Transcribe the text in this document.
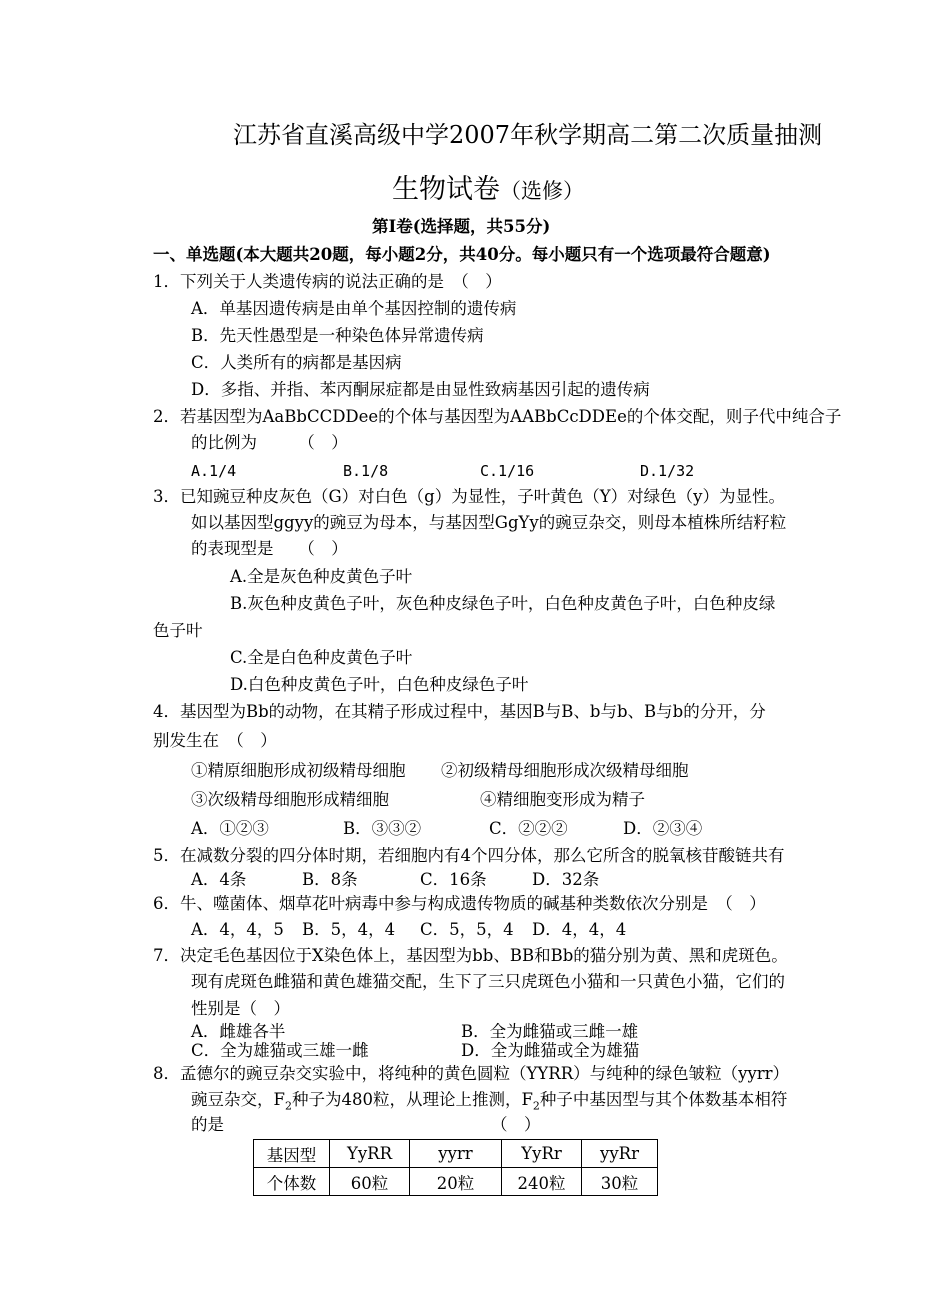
江苏省直溪高级中学2007年秋学期高二第二次质量抽测
生物试卷（选修）
第Ⅰ卷(选择题，共55分)
一、单选题(本大题共20题，每小题2分，共40分。每小题只有一个选项最符合题意)
1．下列关于人类遗传病的说法正确的是　（　）
A．单基因遗传病是由单个基因控制的遗传病
B．先天性愚型是一种染色体异常遗传病
C．人类所有的病都是基因病
D．多指、并指、苯丙酮尿症都是由显性致病基因引起的遗传病
2．若基因型为AaBbCCDDee的个体与基因型为AABbCcDDEe的个体交配，则子代中纯合子
的比例为　　　（　）
A.1/4	B.1/8	C.1/16	D.1/32
3．已知豌豆种皮灰色（G）对白色（g）为显性，子叶黄色（Y）对绿色（y）为显性。
如以基因型ggyy的豌豆为母本，与基因型GgYy的豌豆杂交，则母本植株所结籽粒
的表现型是　　（　）
A.全是灰色种皮黄色子叶
B.灰色种皮黄色子叶，灰色种皮绿色子叶，白色种皮黄色子叶，白色种皮绿
色子叶
C.全是白色种皮黄色子叶
D.白色种皮黄色子叶，白色种皮绿色子叶
4．基因型为Bb的动物，在其精子形成过程中，基因B与B、b与b、B与b的分开，分
别发生在　（　）
①精原细胞形成初级精母细胞 ②初级精母细胞形成次级精母细胞
③次级精母细胞形成精细胞	④精细胞变形成为精子
A．①②③	B．③③②	C．②②②	D．②③④
5．在减数分裂的四分体时期，若细胞内有4个四分体，那么它所含的脱氧核苷酸链共有
A．4条	B．8条	C．16条	D．32条
6．牛、噬菌体、烟草花叶病毒中参与构成遗传物质的碱基种类数依次分别是　（　）
A．4，4，5 B．5，4，4 C．5，5，4 D．4，4，4
7．决定毛色基因位于X染色体上，基因型为bb、BB和Bb的猫分别为黄、黑和虎斑色。
现有虎斑色雌猫和黄色雄猫交配，生下了三只虎斑色小猫和一只黄色小猫，它们的
性别是（　）
A．雌雄各半	B．全为雌猫或三雌一雄
C．全为雄猫或三雄一雌	D．全为雌猫或全为雄猫
8．孟德尔的豌豆杂交实验中，将纯种的黄色圆粒（YYRR）与纯种的绿色皱粒（yyrr）
豌豆杂交，$F_2$种子为480粒，从理论上推测，$F_2$种子中基因型与其个体数基本相符
的是	（　）
基因型	YyRR	yyrr	YyRr	yyRr
个体数	60粒	20粒	240粒	30粒
